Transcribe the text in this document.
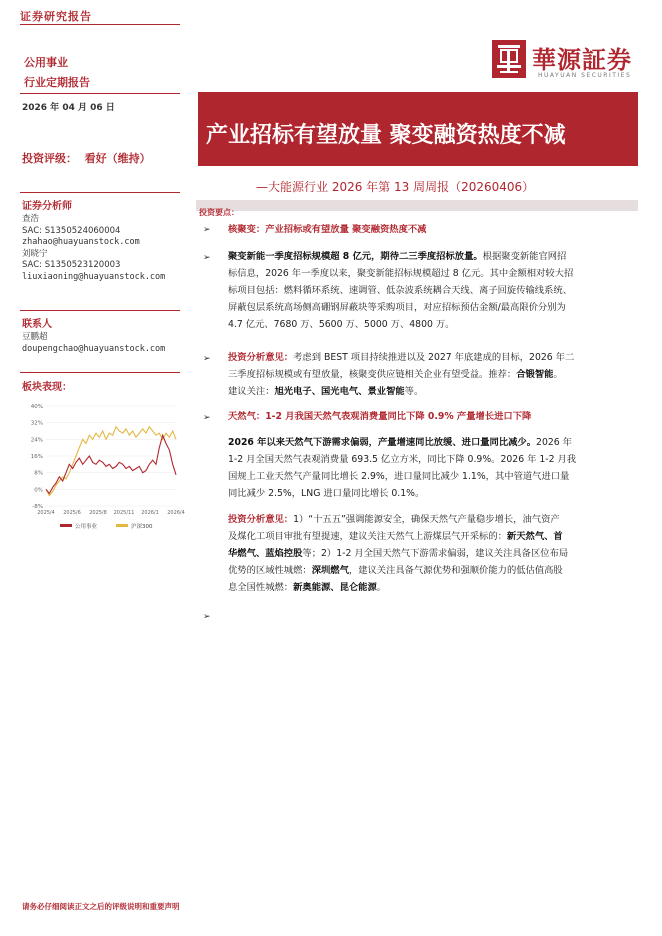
证券研究报告
公用事业
行业定期报告
2026 年 04 月 06 日
投资评级： 看好（维持）
華源証券
HUAYUAN SECURITIES
产业招标有望放量 聚变融资热度不减
—大能源行业 2026 年第 13 周周报（20260406）
投资要点：
证券分析师
查浩
SAC: S1350524060004
zhahao@huayuanstock.com
刘晓宁
SAC: S1350523120003
liuxiaoning@huayuanstock.com
联系人
豆鹏超
doupengchao@huayuanstock.com
板块表现：
40%
32%
24%
16%
8%
0%
-8%
2025/4 2025/6 2025/8 2025/11 2026/1 2026/4
公用事业	沪深300
➢ 核聚变：产业招标或有望放量 聚变融资热度不减
➢ 聚变新能一季度招标规模超 8 亿元，期待二三季度招标放量。根据聚变新能官网招
标信息，2026 年一季度以来，聚变新能招标规模超过 8 亿元。其中金额相对较大招
标项目包括：燃料循环系统、速调管、低杂波系统耦合天线、离子回旋传输线系统、
屏蔽包层系统高场侧高硼钢屏蔽块等采购项目，对应招标预估金额/最高限价分别为
4.7 亿元、7680 万、5600 万、5000 万、4800 万。
➢ 投资分析意见：考虑到 BEST 项目持续推进以及 2027 年底建成的目标，2026 年二
三季度招标规模或有望放量，核聚变供应链相关企业有望受益。推荐：合锻智能。
建议关注：旭光电子、国光电气、景业智能等。
➢ 天然气：1-2 月我国天然气表观消费量同比下降 0.9% 产量增长进口下降
2026 年以来天然气下游需求偏弱，产量增速同比放缓、进口量同比减少。2026 年
1-2 月全国天然气表观消费量 693.5 亿立方米，同比下降 0.9%。2026 年 1-2 月我
国规上工业天然气产量同比增长 2.9%，进口量同比减少 1.1%，其中管道气进口量
同比减少 2.5%，LNG 进口量同比增长 0.1%。
投资分析意见：1）“十五五”强调能源安全，确保天然气产量稳步增长，油气资产
及煤化工项目审批有望提速，建议关注天然气上游煤层气开采标的：新天然气、首
华燃气、蓝焰控股等；2）1-2 月全国天然气下游需求偏弱，建议关注具备区位布局
优势的区域性城燃：深圳燃气，建议关注具备气源优势和强顺价能力的低估值高股
息全国性城燃：新奥能源、昆仑能源。
➢
请务必仔细阅读正文之后的评级说明和重要声明
